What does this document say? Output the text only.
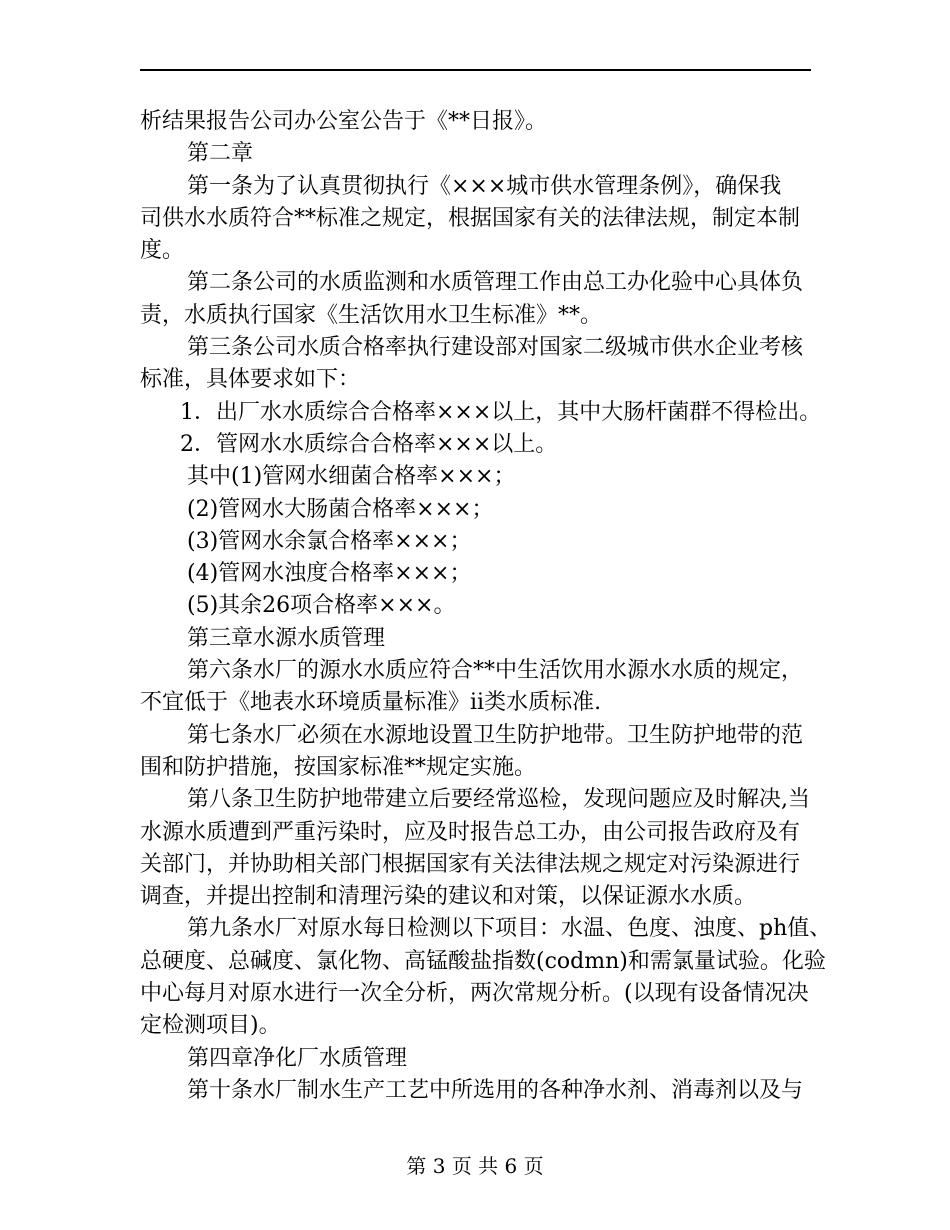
析结果报告公司办公室公告于《**日报》。
第二章
第一条为了认真贯彻执行《×××城市供水管理条例》，确保我
司供水水质符合**标准之规定，根据国家有关的法律法规，制定本制
度。
第二条公司的水质监测和水质管理工作由总工办化验中心具体负
责，水质执行国家《生活饮用水卫生标准》**。
第三条公司水质合格率执行建设部对国家二级城市供水企业考核
标准，具体要求如下：
1．出厂水水质综合合格率×××以上，其中大肠杆菌群不得检出。
2．管网水水质综合合格率×××以上。
其中(1)管网水细菌合格率×××；
(2)管网水大肠菌合格率×××；
(3)管网水余氯合格率×××；
(4)管网水浊度合格率×××；
(5)其余26项合格率×××。
第三章水源水质管理
第六条水厂的源水水质应符合**中生活饮用水源水水质的规定，
不宜低于《地表水环境质量标准》ii类水质标准.
第七条水厂必须在水源地设置卫生防护地带。卫生防护地带的范
围和防护措施，按国家标准**规定实施。
第八条卫生防护地带建立后要经常巡检，发现问题应及时解决,当
水源水质遭到严重污染时，应及时报告总工办，由公司报告政府及有
关部门，并协助相关部门根据国家有关法律法规之规定对污染源进行
调查，并提出控制和清理污染的建议和对策，以保证源水水质。
第九条水厂对原水每日检测以下项目：水温、色度、浊度、ph值、
总硬度、总碱度、氯化物、高锰酸盐指数(codmn)和需氯量试验。化验
中心每月对原水进行一次全分析，两次常规分析。(以现有设备情况决
定检测项目)。
第四章净化厂水质管理
第十条水厂制水生产工艺中所选用的各种净水剂、消毒剂以及与
第 3 页 共 6 页
